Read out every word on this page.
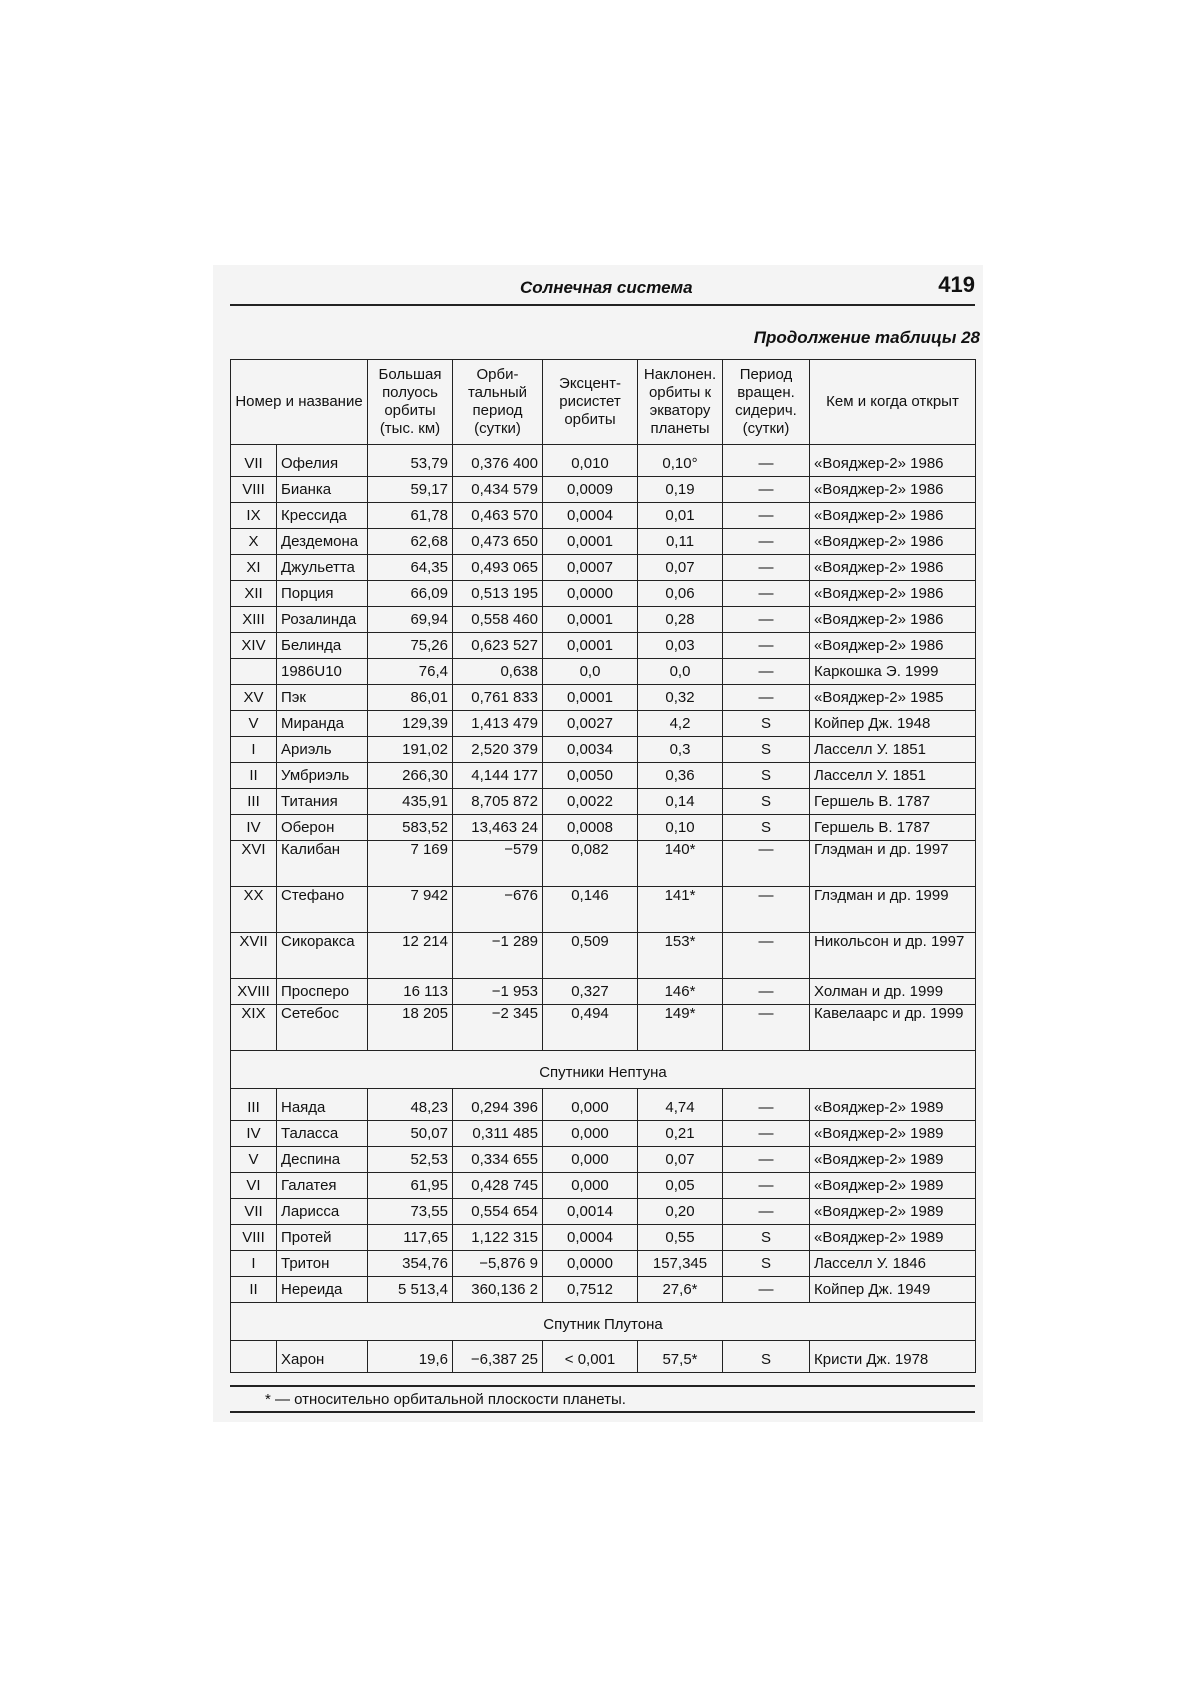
Солнечная система	419
Продолжение таблицы 28
Номер и название		Большая полуось орбиты (тыс. км)	Орби-тальный период (сутки)	Эксцент-рисистет орбиты	Наклонен. орбиты к экватору планеты	Период вращен. сидерич. (сутки)	Кем и когда открыт
VII	Офелия	53,79	0,376 400	0,010	0,10°	—	«Вояджер-2» 1986
VIII	Бианка	59,17	0,434 579	0,0009	0,19	—	«Вояджер-2» 1986
IX	Крессида	61,78	0,463 570	0,0004	0,01	—	«Вояджер-2» 1986
X	Дездемона	62,68	0,473 650	0,0001	0,11	—	«Вояджер-2» 1986
XI	Джульетта	64,35	0,493 065	0,0007	0,07	—	«Вояджер-2» 1986
XII	Порция	66,09	0,513 195	0,0000	0,06	—	«Вояджер-2» 1986
XIII	Розалинда	69,94	0,558 460	0,0001	0,28	—	«Вояджер-2» 1986
XIV	Белинда	75,26	0,623 527	0,0001	0,03	—	«Вояджер-2» 1986
	1986U10	76,4	0,638	0,0	0,0	—	Каркошка Э. 1999
XV	Пэк	86,01	0,761 833	0,0001	0,32	—	«Вояджер-2» 1985
V	Миранда	129,39	1,413 479	0,0027	4,2	S	Койпер Дж. 1948
I	Ариэль	191,02	2,520 379	0,0034	0,3	S	Ласселл У. 1851
II	Умбриэль	266,30	4,144 177	0,0050	0,36	S	Ласселл У. 1851
III	Титания	435,91	8,705 872	0,0022	0,14	S	Гершель В. 1787
IV	Оберон	583,52	13,463 24	0,0008	0,10	S	Гершель В. 1787
XVI	Калибан	7 169	−579	0,082	140*	—	Глэдман и др. 1997
XX	Стефано	7 942	−676	0,146	141*	—	Глэдман и др. 1999
XVII	Сикоракса	12 214	−1 289	0,509	153*	—	Никольсон и др. 1997
XVIII	Просперо	16 113	−1 953	0,327	146*	—	Холман и др. 1999
XIX	Сетебос	18 205	−2 345	0,494	149*	—	Кавелаарс и др. 1999
Спутники Нептуна							
III	Наяда	48,23	0,294 396	0,000	4,74	—	«Вояджер-2» 1989
IV	Таласса	50,07	0,311 485	0,000	0,21	—	«Вояджер-2» 1989
V	Деспина	52,53	0,334 655	0,000	0,07	—	«Вояджер-2» 1989
VI	Галатея	61,95	0,428 745	0,000	0,05	—	«Вояджер-2» 1989
VII	Ларисса	73,55	0,554 654	0,0014	0,20	—	«Вояджер-2» 1989
VIII	Протей	117,65	1,122 315	0,0004	0,55	S	«Вояджер-2» 1989
I	Тритон	354,76	−5,876 9	0,0000	157,345	S	Ласселл У. 1846
II	Нереида	5 513,4	360,136 2	0,7512	27,6*	—	Койпер Дж. 1949
Спутник Плутона							
	Харон	19,6	−6,387 25	< 0,001	57,5*	S	Кристи Дж. 1978
* — относительно орбитальной плоскости планеты.
